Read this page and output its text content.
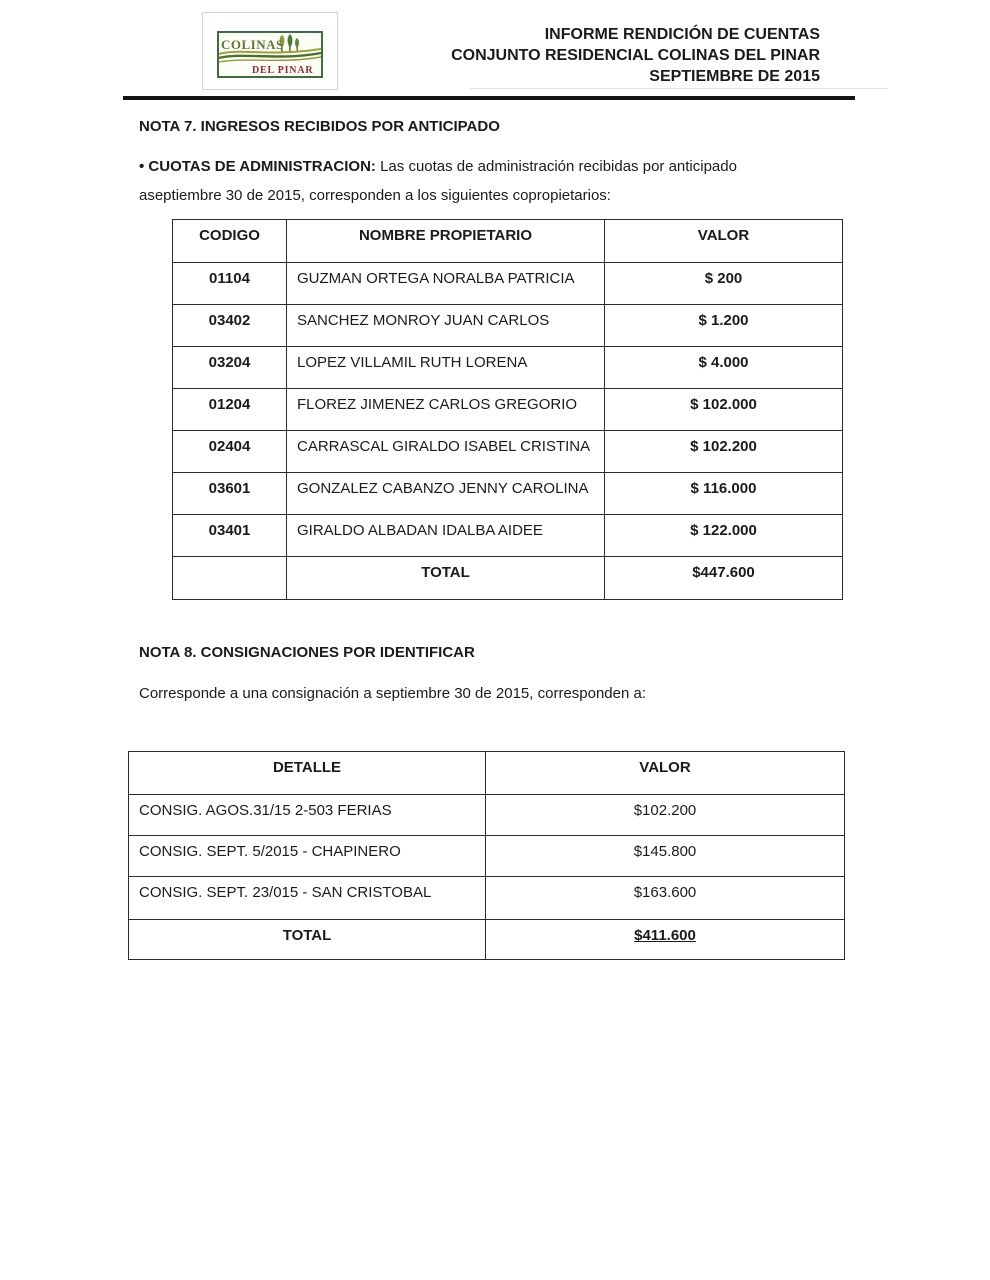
COLINAS
DEL PINAR
INFORME RENDICIÓN DE CUENTAS
CONJUNTO RESIDENCIAL COLINAS DEL PINAR
SEPTIEMBRE DE 2015
NOTA 7. INGRESOS RECIBIDOS POR ANTICIPADO
• CUOTAS DE ADMINISTRACION: Las cuotas de administración recibidas por anticipado aseptiembre 30 de 2015, corresponden a los siguientes copropietarios:
CODIGO	NOMBRE PROPIETARIO	VALOR
01104	GUZMAN ORTEGA NORALBA PATRICIA	$ 200
03402	SANCHEZ MONROY JUAN CARLOS	$ 1.200
03204	LOPEZ VILLAMIL RUTH LORENA	$ 4.000
01204	FLOREZ JIMENEZ CARLOS GREGORIO	$ 102.000
02404	CARRASCAL GIRALDO ISABEL CRISTINA	$ 102.200
03601	GONZALEZ CABANZO JENNY CAROLINA	$ 116.000
03401	GIRALDO ALBADAN IDALBA AIDEE	$ 122.000
	TOTAL	$447.600
NOTA 8. CONSIGNACIONES POR IDENTIFICAR
Corresponde a una consignación a septiembre 30 de 2015, corresponden a:
DETALLE	VALOR
CONSIG. AGOS.31/15 2-503 FERIAS	$102.200
CONSIG. SEPT. 5/2015 - CHAPINERO	$145.800
CONSIG. SEPT. 23/015 - SAN CRISTOBAL	$163.600
TOTAL	$411.600
